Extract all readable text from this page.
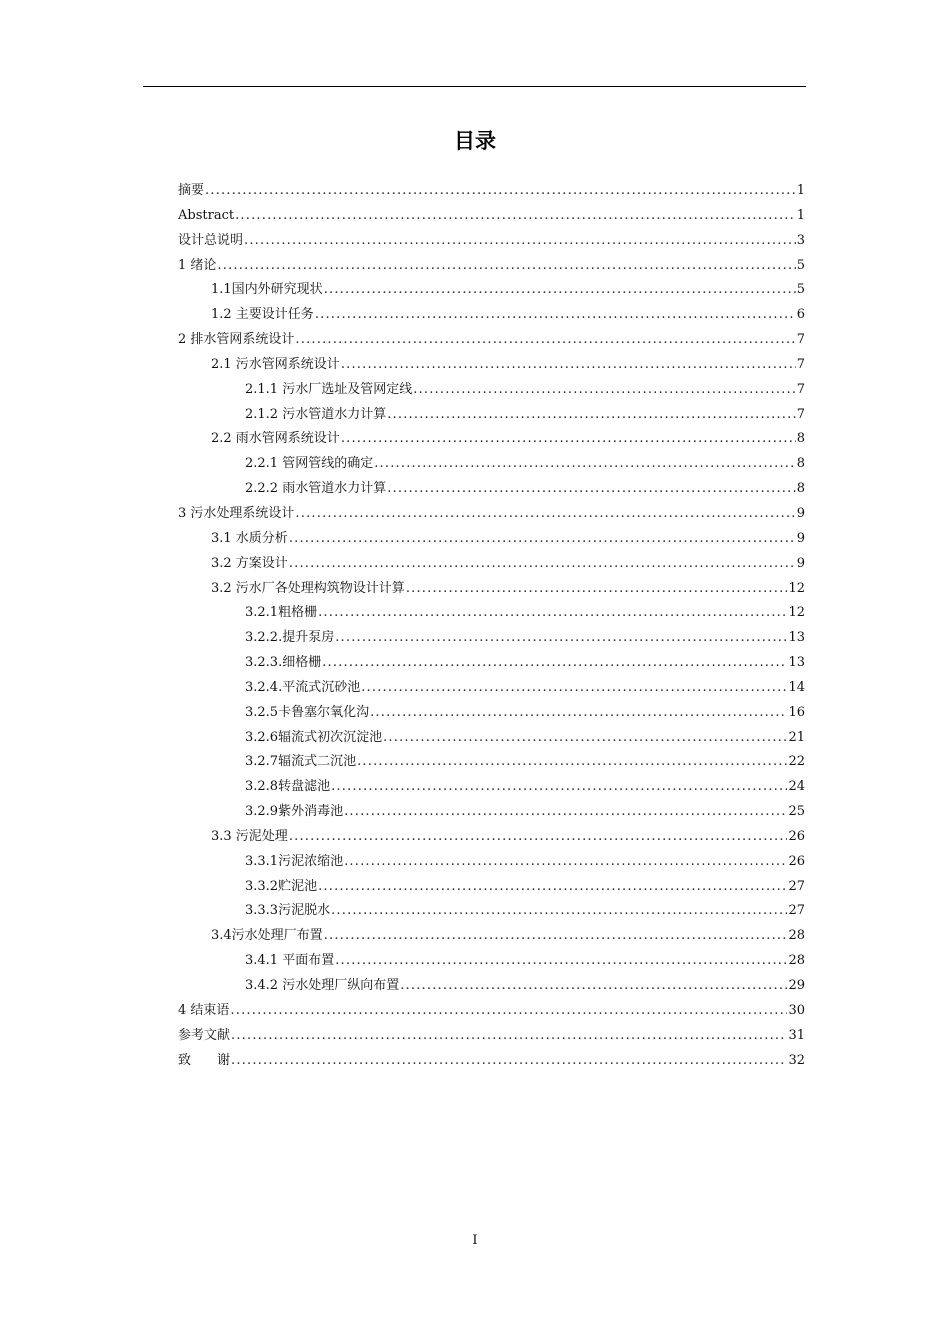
目录
摘要 .....	1
Abstract .....	1
设计总说明 .....	3
1 绪论 .....	5
1.1国内外研究现状 .....	5
1.2 主要设计任务 .....	6
2 排水管网系统设计 .....	7
2.1 污水管网系统设计 .....	7
2.1.1 污水厂选址及管网定线 .....	7
2.1.2 污水管道水力计算 .....	7
2.2 雨水管网系统设计 .....	8
2.2.1 管网管线的确定 .....	8
2.2.2 雨水管道水力计算 .....	8
3 污水处理系统设计 .....	9
3.1 水质分析 .....	9
3.2 方案设计 .....	9
3.2 污水厂各处理构筑物设计计算 .....	12
3.2.1粗格栅 .....	12
3.2.2.提升泵房 .....	13
3.2.3.细格栅 .....	13
3.2.4.平流式沉砂池 .....	14
3.2.5卡鲁塞尔氧化沟 .....	16
3.2.6辐流式初次沉淀池 .....	21
3.2.7辐流式二沉池 .....	22
3.2.8转盘滤池 .....	24
3.2.9紫外消毒池 .....	25
3.3 污泥处理 .....	26
3.3.1污泥浓缩池 .....	26
3.3.2贮泥池 .....	27
3.3.3污泥脱水 .....	27
3.4污水处理厂布置 .....	28
3.4.1 平面布置 .....	28
3.4.2 污水处理厂纵向布置 .....	29
4 结束语 .....	30
参考文献 .....	31
致　　谢 .....	32
I
